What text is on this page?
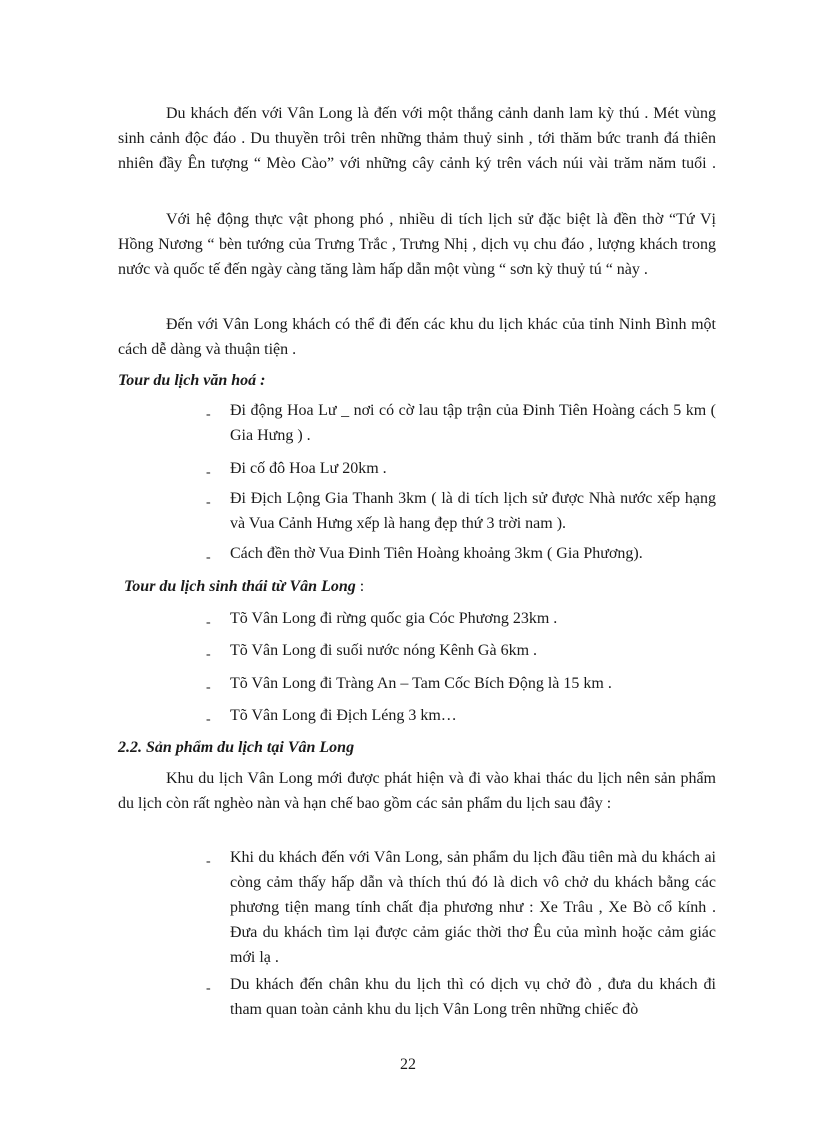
Du khách đến với Vân Long là đến với một thắng cảnh danh lam kỳ thú . Mét vùng sinh cảnh độc đáo . Du thuyền trôi trên những thảm thuỷ sinh , tới thăm bức tranh đá thiên nhiên đầy Ên tượng “ Mèo Cào” với những cây cảnh ký trên vách núi vài trăm năm tuổi .

Với hệ động thực vật phong phó , nhiều di tích lịch sử đặc biệt là đền thờ “Tứ Vị Hồng Nương “ bèn tướng của Trưng Trắc , Trưng Nhị , dịch vụ chu đáo , lượng khách trong nước và quốc tế đến ngày càng tăng làm hấp dẫn một vùng “ sơn kỳ thuỷ tú “ này .

Đến với Vân Long khách có thể đi đến các khu du lịch khác của tỉnh Ninh Bình một cách dễ dàng và thuận tiện .

Tour du lịch văn hoá :

- Đi động Hoa Lư _ nơi có cờ lau tập trận của Đinh Tiên Hoàng cách 5 km ( Gia Hưng ) .

- Đi cố đô Hoa Lư 20km .

- Đi Địch Lộng Gia Thanh 3km ( là di tích lịch sử được Nhà nước xếp hạng và Vua Cảnh Hưng xếp là hang đẹp thứ 3 trời nam ).

- Cách đền thờ Vua Đinh Tiên Hoàng khoảng 3km ( Gia Phương).

Tour du lịch sinh thái từ Vân Long :

- Tõ Vân Long đi rừng quốc gia Cóc Phương 23km .

- Tõ Vân Long đi suối nước nóng Kênh Gà 6km .

- Tõ Vân Long đi Tràng An – Tam Cốc Bích Động là 15 km .

- Tõ Vân Long đi Địch Léng 3 km…

2.2. Sản phẩm du lịch tại Vân Long

Khu du lịch Vân Long mới được phát hiện và đi vào khai thác du lịch nên sản phẩm du lịch còn rất nghèo nàn và hạn chế bao gồm các sản phẩm du lịch sau đây :

- Khi du khách đến với Vân Long, sản phẩm du lịch đầu tiên mà du khách ai còng cảm thấy hấp dẫn và thích thú đó là dich vô chở du khách bằng các phương tiện mang tính chất địa phương như : Xe Trâu , Xe Bò cổ kính . Đưa du khách tìm lại được cảm giác thời thơ Êu của mình hoặc cảm giác mới lạ .

- Du khách đến chân khu du lịch thì có dịch vụ chở đò , đưa du khách đi tham quan toàn cảnh khu du lịch Vân Long trên những chiếc đò

22
